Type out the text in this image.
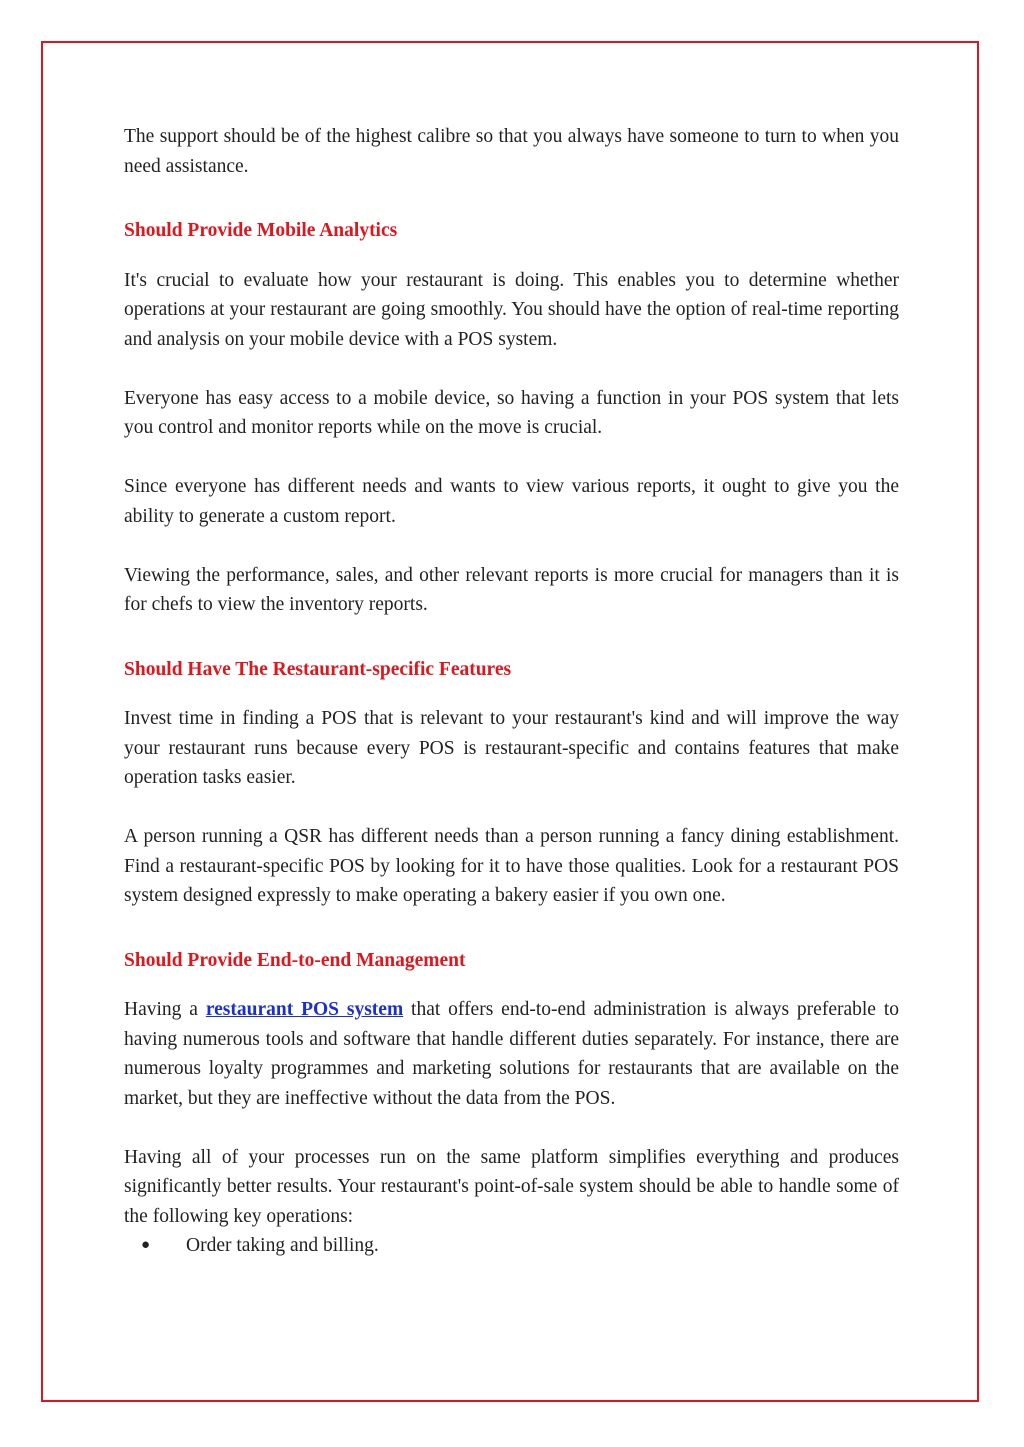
The support should be of the highest calibre so that you always have someone to turn to when you need assistance.

Should Provide Mobile Analytics

It's crucial to evaluate how your restaurant is doing. This enables you to determine whether operations at your restaurant are going smoothly. You should have the option of real-time reporting and analysis on your mobile device with a POS system.

Everyone has easy access to a mobile device, so having a function in your POS system that lets you control and monitor reports while on the move is crucial.

Since everyone has different needs and wants to view various reports, it ought to give you the ability to generate a custom report.

Viewing the performance, sales, and other relevant reports is more crucial for managers than it is for chefs to view the inventory reports.

Should Have The Restaurant-specific Features

Invest time in finding a POS that is relevant to your restaurant's kind and will improve the way your restaurant runs because every POS is restaurant-specific and contains features that make operation tasks easier.

A person running a QSR has different needs than a person running a fancy dining establishment. Find a restaurant-specific POS by looking for it to have those qualities. Look for a restaurant POS system designed expressly to make operating a bakery easier if you own one.

Should Provide End-to-end Management

Having a restaurant POS system that offers end-to-end administration is always preferable to having numerous tools and software that handle different duties separately. For instance, there are numerous loyalty programmes and marketing solutions for restaurants that are available on the market, but they are ineffective without the data from the POS.

Having all of your processes run on the same platform simplifies everything and produces significantly better results. Your restaurant's point-of-sale system should be able to handle some of the following key operations:

● Order taking and billing.
